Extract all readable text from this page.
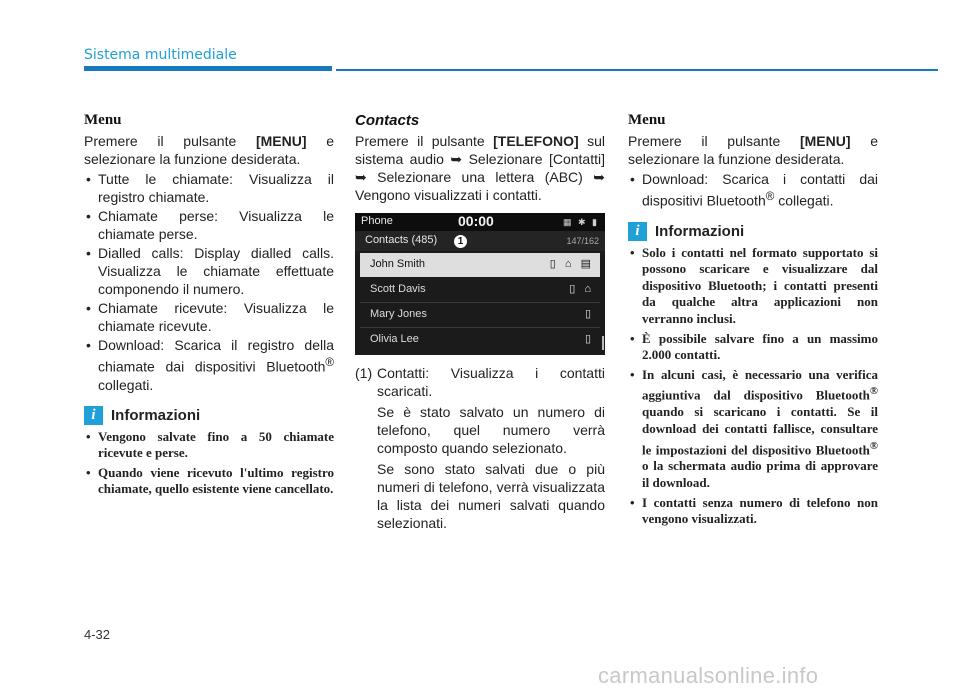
Sistema multimediale
Menu

Premere il pulsante [MENU] e selezionare la funzione desiderata.

• Tutte le chiamate: Visualizza il registro chiamate.
• Chiamate perse: Visualizza le chiamate perse.
• Dialled calls: Display dialled calls. Visualizza le chiamate effettuate componendo il numero.
• Chiamate ricevute: Visualizza le chiamate ricevute.
• Download: Scarica il registro della chiamate dai dispositivi Bluetooth® collegati.
i	Informazioni
• Vengono salvate fino a 50 chiamate ricevute e perse.
• Quando viene ricevuto l'ultimo registro chiamate, quello esistente viene cancellato.
Contacts

Premere il pulsante [TELEFONO] sul sistema audio ➥ Selezionare [Contatti] ➥ Selezionare una lettera (ABC) ➥ Vengono visualizzati i contatti.

Phone	00:00	▦ ✱ ▮
Contacts (485)	1	147/162
John Smith	▯ ⌂ ▤
Scott Davis	▯ ⌂
Mary Jones	▯
Olivia Lee	▯
(1) Contatti: Visualizza i contatti scaricati.

Se è stato salvato un numero di telefono, quel numero verrà composto quando selezionato.

Se sono stato salvati due o più numeri di telefono, verrà visualizzata la lista dei numeri salvati quando selezionati.

Menu

Premere il pulsante [MENU] e selezionare la funzione desiderata.

• Download: Scarica i contatti dai dispositivi Bluetooth® collegati.
i	Informazioni
• Solo i contatti nel formato supportato si possono scaricare e visualizzare dal dispositivo Bluetooth; i contatti presenti da qualche altra applicazioni non verranno inclusi.
• È possibile salvare fino a un massimo 2.000 contatti.
• In alcuni casi, è necessario una verifica aggiuntiva dal dispositivo Bluetooth® quando si scaricano i contatti. Se il download dei contatti fallisce, consultare le impostazioni del dispositivo Bluetooth® o la schermata audio prima di approvare il download.
• I contatti senza numero di telefono non vengono visualizzati.
4-32
carmanualsonline.info
